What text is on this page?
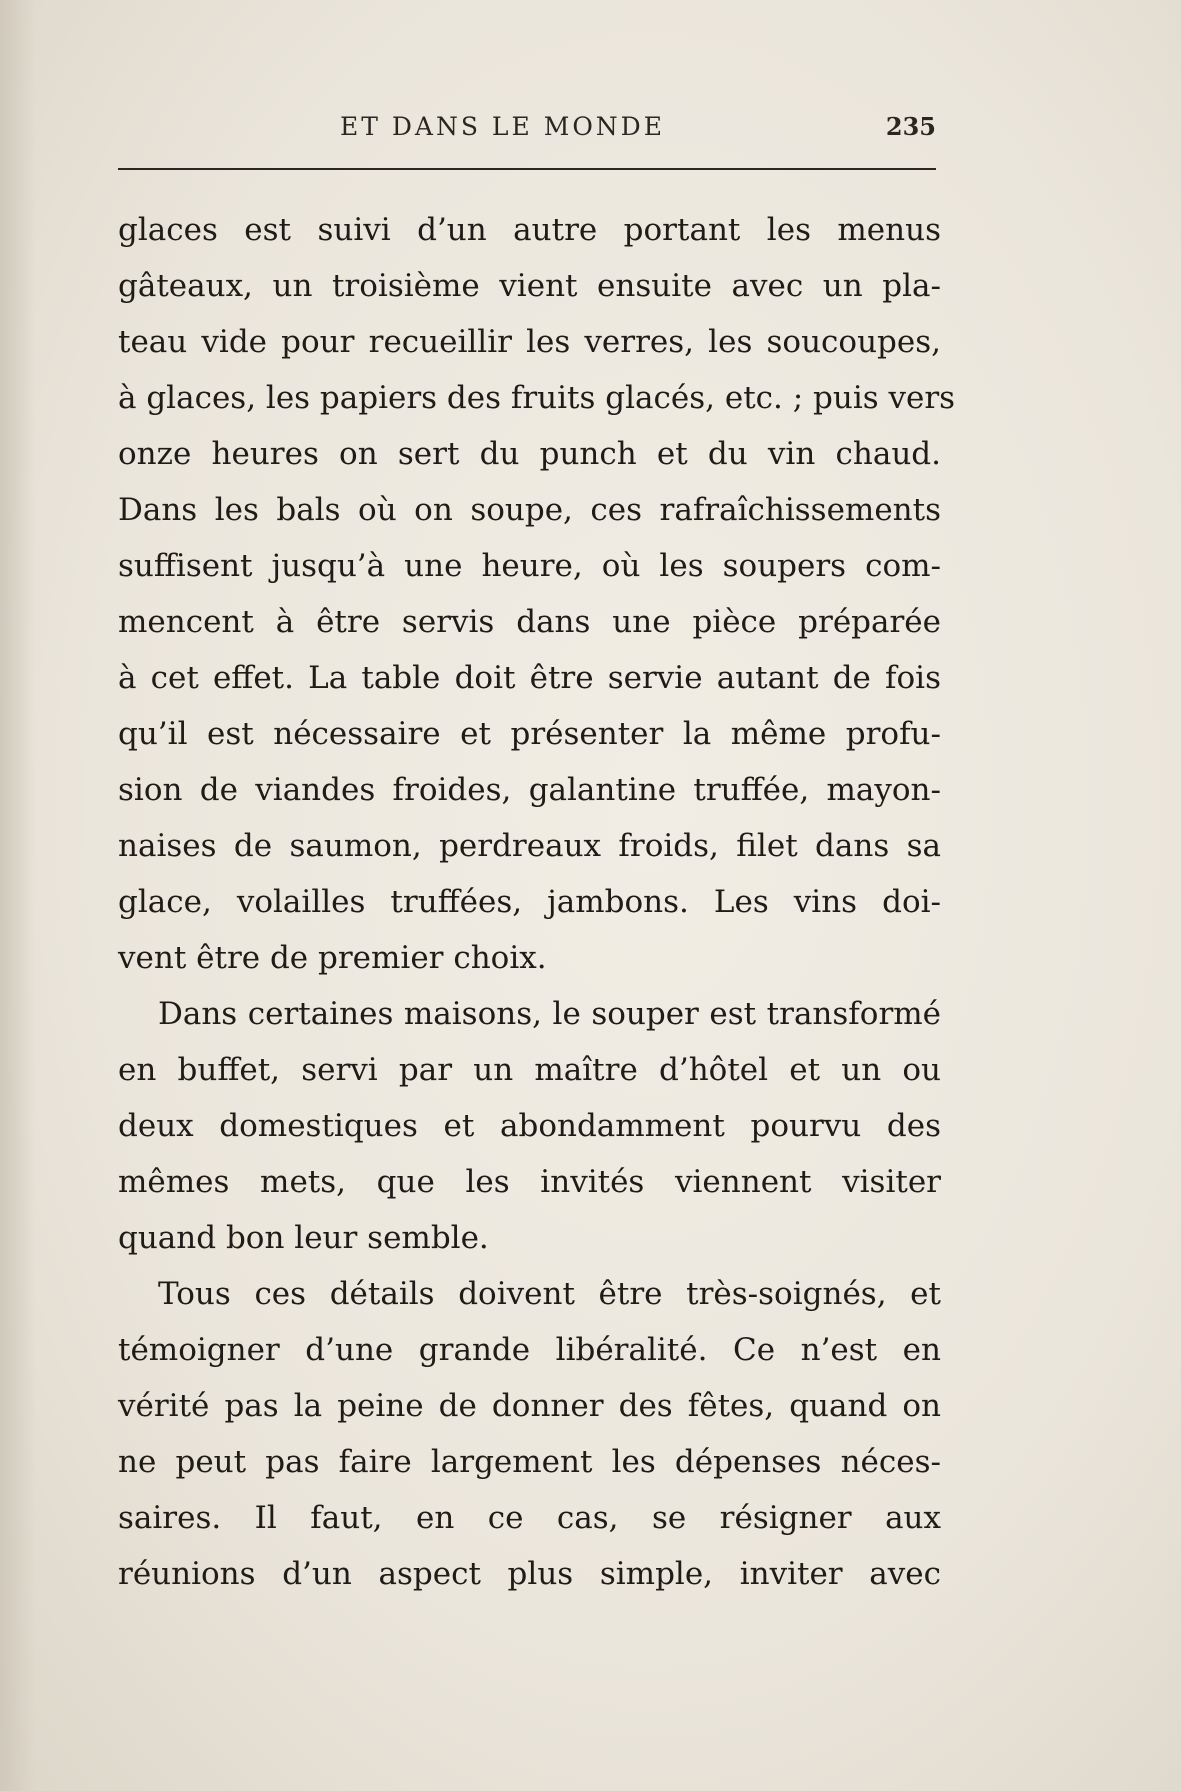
ET DANS LE MONDE	235
glaces est suivi d’un autre portant les menus
gâteaux, un troisième vient ensuite avec un pla-
teau vide pour recueillir les verres, les soucoupes,
à glaces, les papiers des fruits glacés, etc. ; puis vers
onze heures on sert du punch et du vin chaud.
Dans les bals où on soupe, ces rafraîchissements
suffisent jusqu’à une heure, où les soupers com-
mencent à être servis dans une pièce préparée
à cet effet. La table doit être servie autant de fois
qu’il est nécessaire et présenter la même profu-
sion de viandes froides, galantine truffée, mayon-
naises de saumon, perdreaux froids, filet dans sa
glace, volailles truffées, jambons. Les vins doi-
vent être de premier choix.
Dans certaines maisons, le souper est transformé
en buffet, servi par un maître d’hôtel et un ou
deux domestiques et abondamment pourvu des
mêmes mets, que les invités viennent visiter
quand bon leur semble.
Tous ces détails doivent être très-soignés, et
témoigner d’une grande libéralité. Ce n’est en
vérité pas la peine de donner des fêtes, quand on
ne peut pas faire largement les dépenses néces-
saires. Il faut, en ce cas, se résigner aux
réunions d’un aspect plus simple, inviter avec
